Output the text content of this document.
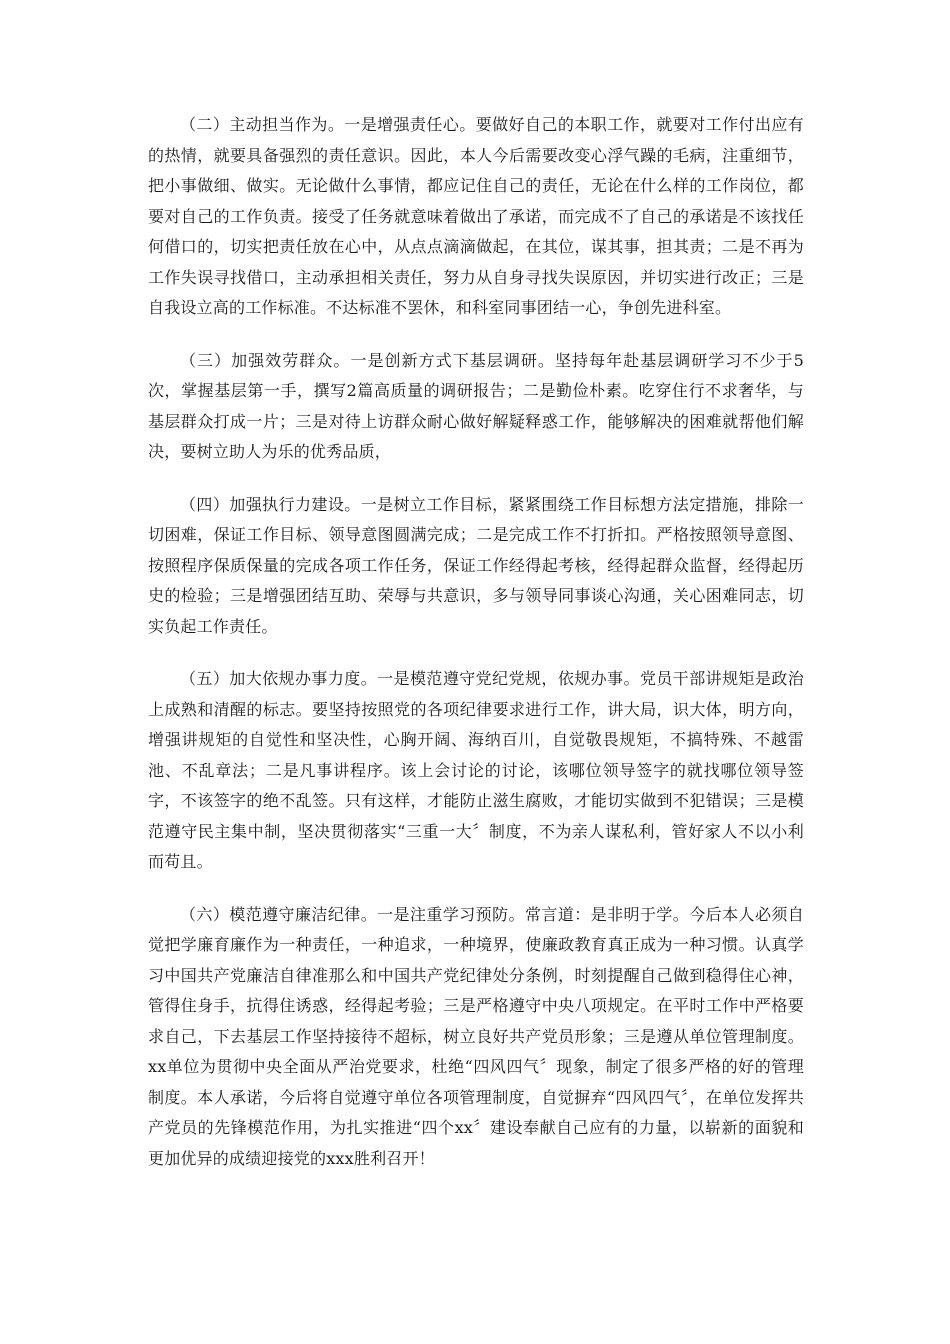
（二）主动担当作为。一是增强责任心。要做好自己的本职工作，就要对工作付出应有的热情，就要具备强烈的责任意识。因此，本人今后需要改变心浮气躁的毛病，注重细节，把小事做细、做实。无论做什么事情，都应记住自己的责任，无论在什么样的工作岗位，都要对自己的工作负责。接受了任务就意味着做出了承诺，而完成不了自己的承诺是不该找任何借口的，切实把责任放在心中，从点点滴滴做起，在其位，谋其事，担其责；二是不再为工作失误寻找借口，主动承担相关责任，努力从自身寻找失误原因，并切实进行改正；三是自我设立高的工作标准。不达标准不罢休，和科室同事团结一心，争创先进科室。

（三）加强效劳群众。一是创新方式下基层调研。坚持每年赴基层调研学习不少于5次，掌握基层第一手，撰写2篇高质量的调研报告；二是勤俭朴素。吃穿住行不求奢华，与基层群众打成一片；三是对待上访群众耐心做好解疑释惑工作，能够解决的困难就帮他们解决，要树立助人为乐的优秀品质，

（四）加强执行力建设。一是树立工作目标，紧紧围绕工作目标想方法定措施，排除一切困难，保证工作目标、领导意图圆满完成；二是完成工作不打折扣。严格按照领导意图、按照程序保质保量的完成各项工作任务，保证工作经得起考核，经得起群众监督，经得起历史的检验；三是增强团结互助、荣辱与共意识，多与领导同事谈心沟通，关心困难同志，切实负起工作责任。

（五）加大依规办事力度。一是模范遵守党纪党规，依规办事。党员干部讲规矩是政治上成熟和清醒的标志。要坚持按照党的各项纪律要求进行工作，讲大局，识大体，明方向，增强讲规矩的自觉性和坚决性，心胸开阔、海纳百川，自觉敬畏规矩，不搞特殊、不越雷池、不乱章法；二是凡事讲程序。该上会讨论的讨论，该哪位领导签字的就找哪位领导签字，不该签字的绝不乱签。只有这样，才能防止滋生腐败，才能切实做到不犯错误；三是模范遵守民主集中制，坚决贯彻落实“三重一大〞制度，不为亲人谋私利，管好家人不以小利而苟且。

（六）模范遵守廉洁纪律。一是注重学习预防。常言道：是非明于学。今后本人必须自觉把学廉育廉作为一种责任，一种追求，一种境界，使廉政教育真正成为一种习惯。认真学习中国共产党廉洁自律准那么和中国共产党纪律处分条例，时刻提醒自己做到稳得住心神，管得住身手，抗得住诱惑，经得起考验；三是严格遵守中央八项规定。在平时工作中严格要求自己，下去基层工作坚持接待不超标，树立良好共产党员形象；三是遵从单位管理制度。xx单位为贯彻中央全面从严治党要求，杜绝“四风四气〞现象，制定了很多严格的好的管理制度。本人承诺，今后将自觉遵守单位各项管理制度，自觉摒弃“四风四气〞，在单位发挥共产党员的先锋模范作用，为扎实推进“四个xx〞建设奉献自己应有的力量，以崭新的面貌和更加优异的成绩迎接党的xxx胜利召开！
